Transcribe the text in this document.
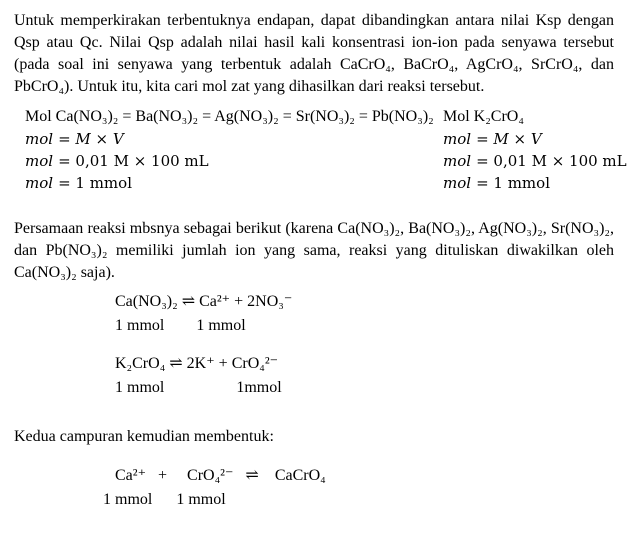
Untuk memperkirakan terbentuknya endapan, dapat dibandingkan antara nilai Ksp dengan Qsp atau Qc. Nilai Qsp adalah nilai hasil kali konsentrasi ion-ion pada senyawa tersebut (pada soal ini senyawa yang terbentuk adalah CaCrO₄, BaCrO₄, AgCrO₄, SrCrO₄, dan PbCrO₄). Untuk itu, kita cari mol zat yang dihasilkan dari reaksi tersebut.

Mol Ca(NO₃)₂ = Ba(NO₃)₂ = Ag(NO₃)₂ = Sr(NO₃)₂ = Pb(NO₃)₂
mol = M × V
mol = 0,01 M × 100 mL
mol = 1 mmol
Mol K₂CrO₄
mol = M × V
mol = 0,01 M × 100 mL
mol = 1 mmol

Persamaan reaksi mbsnya sebagai berikut (karena Ca(NO₃)₂, Ba(NO₃)₂, Ag(NO₃)₂, Sr(NO₃)₂, dan Pb(NO₃)₂ memiliki jumlah ion yang sama, reaksi yang dituliskan diwakilkan oleh Ca(NO₃)₂ saja).

Ca(NO₃)₂ ⇌ Ca²⁺ + 2NO₃⁻
1 mmol        1 mmol
K₂CrO₄ ⇌ 2K⁺ + CrO₄²⁻
1 mmol                  1mmol

Kedua campuran kemudian membentuk:

Ca²⁺   +     CrO₄²⁻   ⇌    CaCrO₄
1 mmol      1 mmol
